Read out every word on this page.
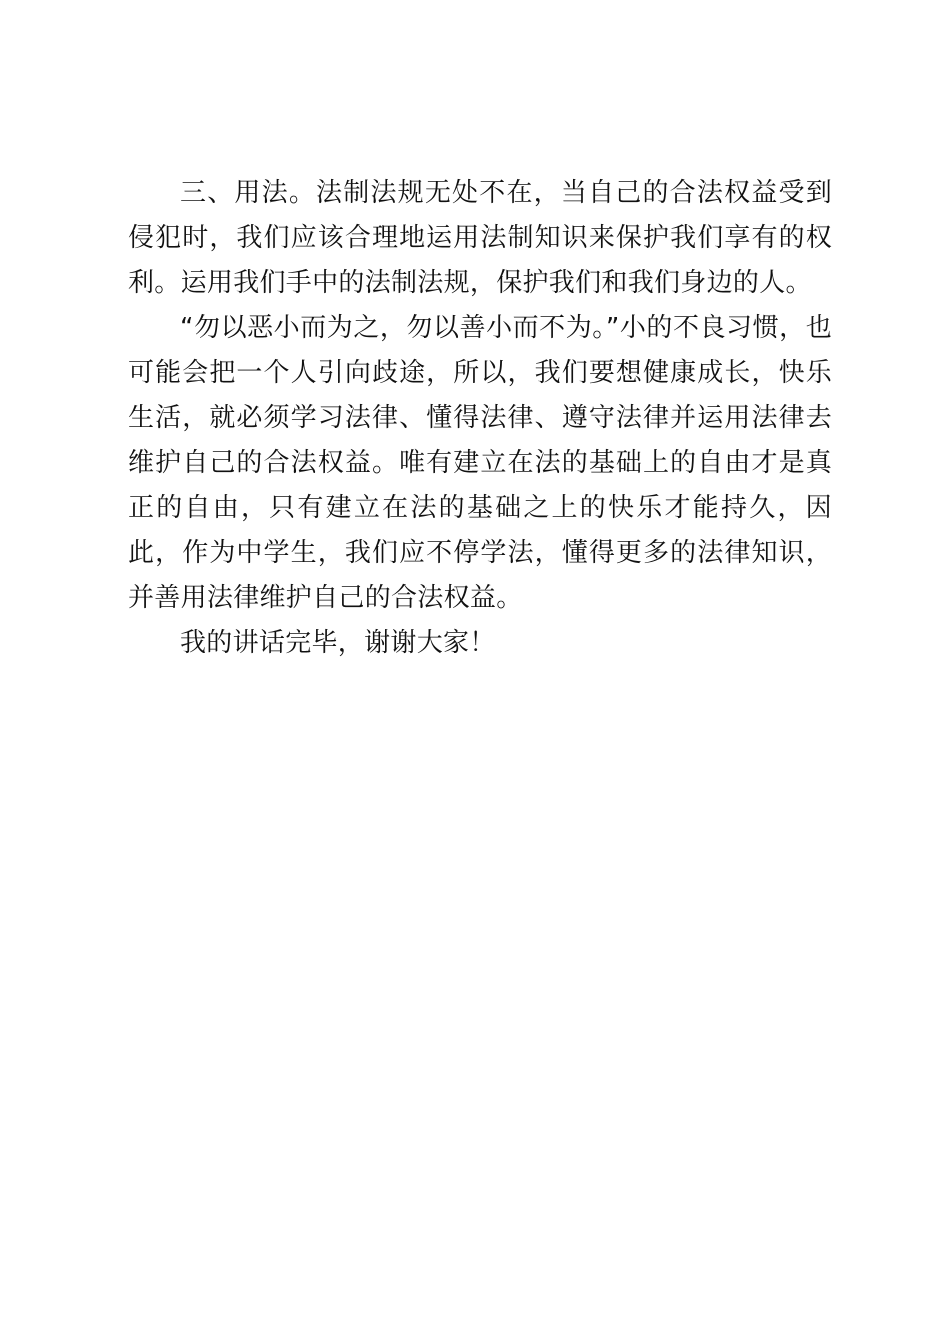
三、用法。法制法规无处不在，当自己的合法权益受到侵犯时，我们应该合理地运用法制知识来保护我们享有的权利。运用我们手中的法制法规，保护我们和我们身边的人。

“勿以恶小而为之，勿以善小而不为。”小的不良习惯，也可能会把一个人引向歧途，所以，我们要想健康成长，快乐生活，就必须学习法律、懂得法律、遵守法律并运用法律去维护自己的合法权益。唯有建立在法的基础上的自由才是真正的自由，只有建立在法的基础之上的快乐才能持久，因此，作为中学生，我们应不停学法，懂得更多的法律知识，并善用法律维护自己的合法权益。

我的讲话完毕，谢谢大家！
